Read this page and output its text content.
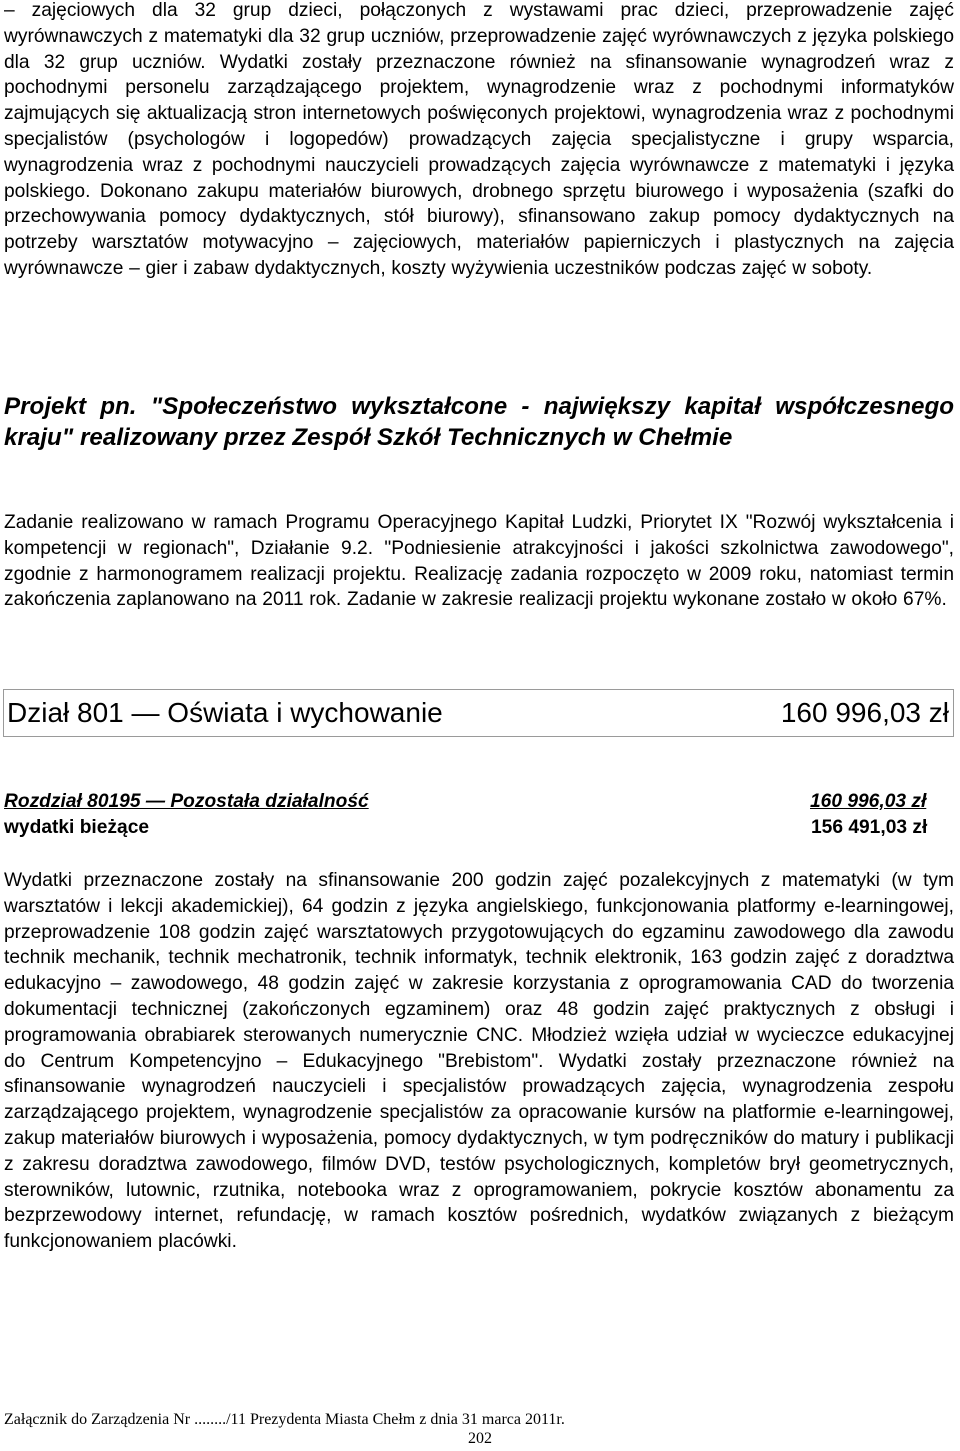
– zajęciowych dla 32 grup dzieci, połączonych z wystawami prac dzieci, przeprowadzenie zajęć wyrównawczych z matematyki dla 32 grup uczniów, przeprowadzenie zajęć wyrównawczych z języka polskiego dla 32 grup uczniów. Wydatki zostały przeznaczone również na sfinansowanie wynagrodzeń wraz z pochodnymi personelu zarządzającego projektem, wynagrodzenie wraz z pochodnymi informatyków zajmujących się aktualizacją stron internetowych poświęconych projektowi, wynagrodzenia wraz z pochodnymi specjalistów (psychologów i logopedów) prowadzących zajęcia specjalistyczne i grupy wsparcia, wynagrodzenia wraz z pochodnymi nauczycieli prowadzących zajęcia wyrównawcze z matematyki i języka polskiego. Dokonano zakupu materiałów biurowych, drobnego sprzętu biurowego i wyposażenia (szafki do przechowywania pomocy dydaktycznych, stół biurowy), sfinansowano zakup pomocy dydaktycznych na potrzeby warsztatów motywacyjno – zajęciowych, materiałów papierniczych i plastycznych na zajęcia wyrównawcze – gier i zabaw dydaktycznych, koszty wyżywienia uczestników podczas zajęć w soboty.

Projekt pn. "Społeczeństwo wykształcone - największy kapitał współczesnego kraju" realizowany przez Zespół Szkół Technicznych w Chełmie

Zadanie realizowano w ramach Programu Operacyjnego Kapitał Ludzki, Priorytet IX "Rozwój wykształcenia i kompetencji w regionach", Działanie 9.2. "Podniesienie atrakcyjności i jakości szkolnictwa zawodowego", zgodnie z harmonogramem realizacji projektu. Realizację zadania rozpoczęto w 2009 roku, natomiast termin zakończenia zaplanowano na 2011 rok. Zadanie w zakresie realizacji projektu wykonane zostało w około 67%.

Dział 801 — Oświata i wychowanie	160 996,03 zł
Rozdział 80195 — Pozostała działalność	160 996,03 zł
wydatki bieżące	156 491,03 zł

Wydatki przeznaczone zostały na sfinansowanie 200 godzin zajęć pozalekcyjnych z matematyki (w tym warsztatów i lekcji akademickiej), 64 godzin z języka angielskiego, funkcjonowania platformy e-learningowej, przeprowadzenie 108 godzin zajęć warsztatowych przygotowujących do egzaminu zawodowego dla zawodu technik mechanik, technik mechatronik, technik informatyk, technik elektronik, 163 godzin zajęć z doradztwa edukacyjno – zawodowego, 48 godzin zajęć w zakresie korzystania z oprogramowania CAD do tworzenia dokumentacji technicznej (zakończonych egzaminem) oraz 48 godzin zajęć praktycznych z obsługi i programowania obrabiarek sterowanych numerycznie CNC. Młodzież wzięła udział w wycieczce edukacyjnej do Centrum Kompetencyjno – Edukacyjnego "Brebistom". Wydatki zostały przeznaczone również na sfinansowanie wynagrodzeń nauczycieli i specjalistów prowadzących zajęcia, wynagrodzenia zespołu zarządzającego projektem, wynagrodzenie specjalistów za opracowanie kursów na platformie e-learningowej, zakup materiałów biurowych i wyposażenia, pomocy dydaktycznych, w tym podręczników do matury i publikacji z zakresu doradztwa zawodowego, filmów DVD, testów psychologicznych, kompletów brył geometrycznych, sterowników, lutownic, rzutnika, notebooka wraz z oprogramowaniem, pokrycie kosztów abonamentu za bezprzewodowy internet, refundację, w ramach kosztów pośrednich, wydatków związanych z bieżącym funkcjonowaniem placówki.

Załącznik do Zarządzenia Nr ......../11 Prezydenta Miasta Chełm z dnia 31 marca 2011r.
202
